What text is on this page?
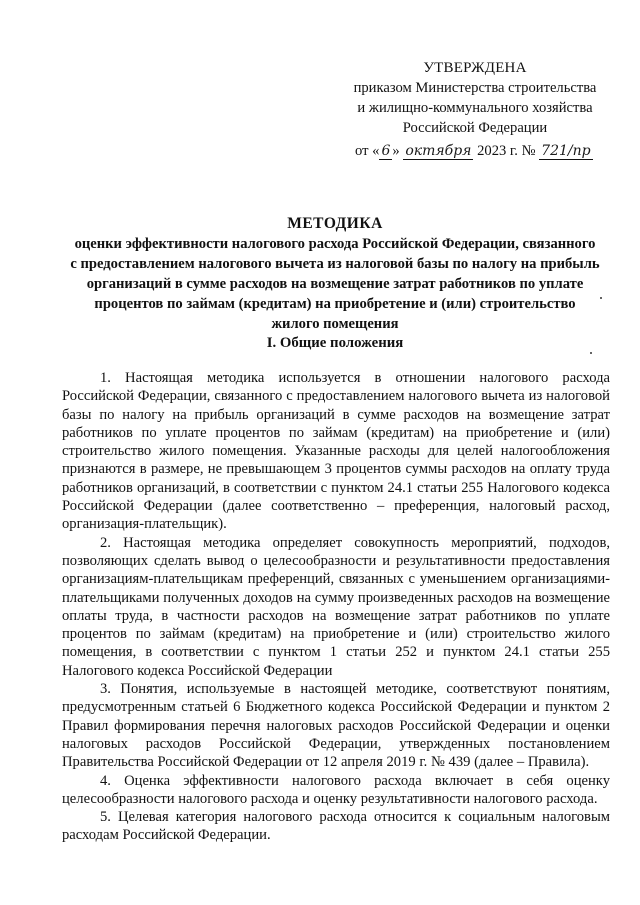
УТВЕРЖДЕНА
приказом Министерства строительства
и жилищно-коммунального хозяйства
Российской Федерации
от « 6 » октября 2023 г. № 721/пр
МЕТОДИКА
оценки эффективности налогового расхода Российской Федерации, связанного
с предоставлением налогового вычета из налоговой базы по налогу на прибыль
организаций в сумме расходов на возмещение затрат работников по уплате
процентов по займам (кредитам) на приобретение и (или) строительство
жилого помещения
I. Общие положения

1. Настоящая методика используется в отношении налогового расхода Российской Федерации, связанного с предоставлением налогового вычета из налоговой базы по налогу на прибыль организаций в сумме расходов на возмещение затрат работников по уплате процентов по займам (кредитам) на приобретение и (или) строительство жилого помещения. Указанные расходы для целей налогообложения признаются в размере, не превышающем 3 процентов суммы расходов на оплату труда работников организаций, в соответствии с пунктом 24.1 статьи 255 Налогового кодекса Российской Федерации (далее соответственно – преференция, налоговый расход, организация-плательщик).

2. Настоящая методика определяет совокупность мероприятий, подходов, позволяющих сделать вывод о целесообразности и результативности предоставления организациям-плательщикам преференций, связанных с уменьшением организациями-плательщиками полученных доходов на сумму произведенных расходов на возмещение оплаты труда, в частности расходов на возмещение затрат работников по уплате процентов по займам (кредитам) на приобретение и (или) строительство жилого помещения, в соответствии с пунктом 1 статьи 252 и пунктом 24.1 статьи 255 Налогового кодекса Российской Федерации

3. Понятия, используемые в настоящей методике, соответствуют понятиям, предусмотренным статьей 6 Бюджетного кодекса Российской Федерации и пунктом 2 Правил формирования перечня налоговых расходов Российской Федерации и оценки налоговых расходов Российской Федерации, утвержденных постановлением Правительства Российской Федерации от 12 апреля 2019 г. № 439 (далее – Правила).

4. Оценка эффективности налогового расхода включает в себя оценку целесообразности налогового расхода и оценку результативности налогового расхода.

5. Целевая категория налогового расхода относится к социальным налоговым расходам Российской Федерации.
